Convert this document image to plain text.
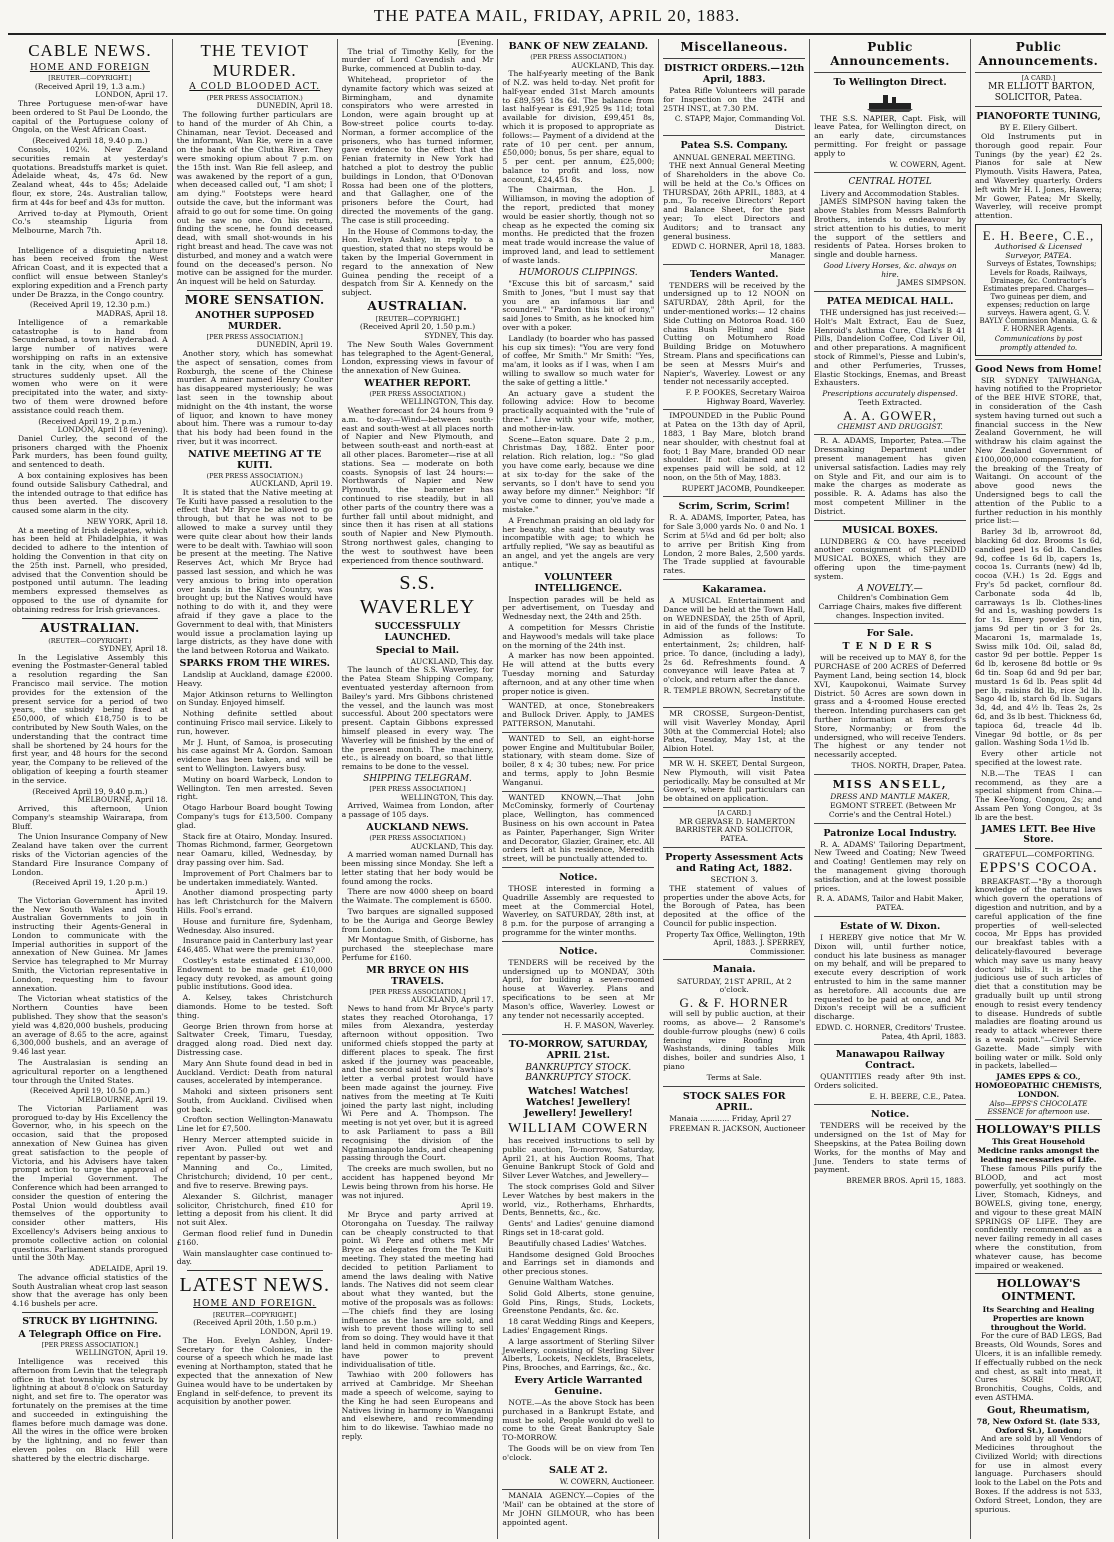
THE PATEA MAIL, FRIDAY, APRIL 20, 1883.
CABLE NEWS.
HOME AND FOREIGN
[REUTER—COPYRIGHT.]
(Received April 19, 1.3 a.m.)
LONDON, April 17.

Three Portuguese men-of-war have been ordered to St Paul De Loondo, the capital of the Portuguese colony of Ongola, on the West African Coast.

(Received April 18, 9.40 p.m.)

Consols, 102⅛. New Zealand securities remain at yesterday's quotations. Breadstuffs market is quiet. Adelaide wheat, 4s, 47s 6d. New Zealand wheat, 44s to 45s; Adelaide flour, ex store, 24s. Australian tallow, firm at 44s for beef and 43s for mutton.

Arrived to-day at Plymouth, Orient Co.'s steamship Liguria from Melbourne, March 7th.

April 18.

Intelligence of a disquieting nature has been received from the West African Coast, and it is expected that a conflict will ensue between Stanley's exploring expedition and a French party under De Brazza, in the Congo country.

(Received April 19, 12.30 p.m.)
MADRAS, April 18.

Intelligence of a remarkable catastrophe is to hand from Secunderabad, a town in Hyderabad. A large number of natives were worshipping on rafts in an extensive tank in the city, when one of the structures suddenly upset. All the women who were on it were precipitated into the water, and sixty-two of them were drowned before assistance could reach them.

(Received April 19, 2 p.m.)
LONDON, April 18 (evening).

Daniel Curley, the second of the prisoners charged with the Phoenix Park murders, has been found guilty, and sentenced to death.

A box containing explosives has been found outside Salisbury Cathedral, and the intended outrage to that edifice has thus been averted. The discovery caused some alarm in the city.

NEW YORK, April 18.

At a meeting of Irish delegates, which has been held at Philadelphia, it was decided to adhere to the intention of holding the Convention in that city on the 25th inst. Parnell, who presided, advised that the Convention should be postponed until autumn. The leading members expressed themselves as opposed to the use of dynamite for obtaining redress for Irish grievances.

AUSTRALIAN.
(REUTER—COPYRIGHT.)
SYDNEY, April 18.

In the Legislative Assembly this evening the Postmaster-General tabled a resolution regarding the San Francisco mail service. The motion provides for the extension of the present service for a period of two years, the subsidy being fixed at £50,000, of which £18,750 is to be contributed by New South Wales, on the understanding that the contract time shall be shortened by 24 hours for the first year, and 48 hours for the second year, the Company to be relieved of the obligation of keeping a fourth steamer in the service.

(Received April 19, 9.40 p.m.)
MELBOURNE, April 18.

Arrived, this afternoon, Union Company's steamship Wairarapa, from Bluff.

The Union Insurance Company of New Zealand have taken over the current risks of the Victorian agencies of the Standard Fire Insurance Company of London.

(Received April 19, 1.20 p.m.)
April 19.

The Victorian Government has invited the New South Wales and South Australian Governments to join in instructing their Agents-General in London to communicate with the Imperial authorities in support of the annexation of New Guinea. Mr James Service has telegraphed to Mr Murray Smith, the Victorian representative in London, requesting him to favour annexation.

The Victorian wheat statistics of the Northern Counties have been published. They show that the season's yield was 4,820,000 bushels, producing an average of 8.65 to the acre, against 6,300,000 bushels, and an average of 9.46 last year.

The Australasian is sending an agricultural reporter on a lengthened tour through the United States.

(Received April 19, 10.50 p.m.)
MELBOURNE, April 19.

The Victorian Parliament was prorogued to-day by His Excellency the Governor, who, in his speech on the occasion, said that the proposed annexation of New Guinea has given great satisfaction to the people of Victoria, and his Advisers have taken prompt action to urge the approval of the Imperial Government. The Conference which had been arranged to consider the question of entering the Postal Union would doubtless avail themselves of the opportunity to consider other matters, His Excellency's Advisers being anxious to promote collective action on colonial questions. Parliament stands prorogued until the 30th May.

ADELAIDE, April 19.

The advance official statistics of the South Australian wheat crop last season show that the average has only been 4.16 bushels per acre.

STRUCK BY LIGHTNING.
A Telegraph Office on Fire.
[PER PRESS ASSOCIATION.]
WELLINGTON, April 19.

Intelligence was received this afternoon from Levin that the telegraph office in that township was struck by lightning at about 8 o'clock on Saturday night, and set fire to. The operator was fortunately on the premises at the time and succeeded in extinguishing the flames before much damage was done. All the wires in the office were broken by the lightning, and no fewer than eleven poles on Black Hill were shattered by the electric discharge.

THE TEVIOT MURDER.
A COLD BLOODED ACT.
(PER PRESS ASSOCIATION.)
DUNEDIN, April 18.

The following further particulars are to hand of the murder of Ah Chin, a Chinaman, near Teviot. Deceased and the informant, Wan Rie, were in a cave on the bank of the Clutha River. They were smoking opium about 7 p.m. on the 15th inst. Wan Rie fell asleep, and was awakened by the report of a gun, when deceased called out, "I am shot; I am dying." Footsteps were heard outside the cave, but the informant was afraid to go out for some time. On going out he saw no one. On his return, finding the scene, he found deceased dead, with small shot-wounds in his right breast and head. The cave was not disturbed, and money and a watch were found on the deceased's person. No motive can be assigned for the murder. An inquest will be held on Saturday.

MORE SENSATION.
ANOTHER SUPPOSED MURDER.
[PER PRESS ASSOCIATION.]
DUNEDIN, April 19.

Another story, which has somewhat the aspect of sensation, comes from Roxburgh, the scene of the Chinese murder. A miner named Henry Coulter has disappeared mysteriously; he was last seen in the township about midnight on the 4th instant, the worse of liquor, and known to have money about him. There was a rumour to-day that his body had been found in the river, but it was incorrect.

NATIVE MEETING AT TE KUITI.
(PER PRESS ASSOCIATION.)
AUCKLAND, April 19.

It is stated that the Native meeting at Te Kuiti have passed a resolution to the effect that Mr Bryce be allowed to go through, but that he was not to be allowed to make a survey until they were quite clear about how their lands were to be dealt with. Tawhiao will soon be present at the meeting. The Native Reserves Act, which Mr Bryce had passed last session, and which he was very anxious to bring into operation over lands in the King Country, was brought up; but the Natives would have nothing to do with it, and they were afraid if they gave a place to the Government to deal with, that Ministers would issue a proclamation laying up large districts, as they have done with the land between Rotorua and Waikato.

SPARKS FROM THE WIRES.

Landslip at Auckland, damage £2000. Heavy.

Major Atkinson returns to Wellington on Sunday. Enjoyed himself.

Nothing definite settled about continuing Frisco mail service. Likely to run, however.

Mr J. Hunt, of Samoa, is prosecuting his case against Mr A. Gordon. Samoan evidence has been taken, and will be sent to Wellington. Lawyers busy.

Mutiny on board Warbeck, London to Wellington. Ten men arrested. Seven right.

Otago Harbour Board bought Towing Company's tugs for £13,500. Company glad.

Stack fire at Otairo, Monday. Insured. Thomas Richmond, farmer, Georgetown near Oamaru, killed, Wednesday, by dray passing over him. Sad.

Improvement of Port Chalmers bar to be undertaken immediately. Wanted.

Another diamond prospecting party has left Christchurch for the Malvern Hills. Fool's errand.

House and furniture fire, Sydenham, Wednesday. Also insured.

Insurance paid in Canterbury last year £46,485. What were the premiums?

Costley's estate estimated £130,000. Endowment to be made get £10,000 legacy duty revoked, as amount going public institutions. Good idea.

A. Kelsey, takes Christchurch diamonds. Home to be tested. Soft thing.

George Brien thrown from horse at Saltwater Creek, Timaru, Tuesday, dragged along road. Died next day. Distressing case.

Mary Ann Shute found dead in bed in Auckland. Verdict: Death from natural causes, accelerated by intemperance.

Mahoki and sixteen prisoners sent South, from Auckland. Civilised when got back.

Crofton section Wellington-Manawatu Line let for £7,500.

Henry Mercer attempted suicide in river Avon. Pulled out wet and repentant by passer-by.

Manning and Co., Limited, Christchurch; dividend, 10 per cent., and five to reserve. Brewing pays.

Alexander S. Gilchrist, manager solicitor, Christchurch, fined £10 for letting a deposit from his client. It did not suit Alex.

German flood relief fund in Dunedin £160.

Wain manslaughter case continued to-day.

LATEST NEWS.
HOME AND FOREIGN.
[REUTER—COPYRIGHT.]
(Received April 20th, 1.50 p.m.)
LONDON, April 19.

The Hon. Evelyn Ashley, Under-Secretary for the Colonies, in the course of a speech which he made last evening at Northampton, stated that he expected that the annexation of New Guinea would have to be undertaken by England in self-defence, to prevent its acquisition by another power.

[Evening.

The trial of Timothy Kelly, for the murder of Lord Cavendish and Mr Burke, commenced at Dublin to-day.

Whitehead, proprietor of the dynamite factory which was seized at Birmingham, and dynamite conspirators who were arrested in London, were again brought up at Bow-street police courts to-day. Norman, a former accomplice of the prisoners, who has turned informer, gave evidence to the effect that the Fenian fraternity in New York had hatched a plot to destroy the public buildings in London, that O'Donovan Rossa had been one of the plotters, and that Gallagher, one of the prisoners before the Court, had directed the movements of the gang. The case is still proceeding.

In the House of Commons to-day, the Hon. Evelyn Ashley, in reply to a question, stated that no steps would be taken by the Imperial Government in regard to the annexation of New Guinea pending the receipt of a despatch from Sir A. Kennedy on the subject.

AUSTRALIAN.
[REUTER—COPYRIGHT.]
(Received April 20, 1.50 p.m.)
SYDNEY, This day.

The New South Wales Government has telegraphed to the Agent-General, London, expressing views in favour of the annexation of New Guinea.

WEATHER REPORT.
(PER PRESS ASSOCIATION.)
WELLINGTON, This day.

Weather forecast for 24 hours from 9 a.m. to-day:—Wind—between south-east and south-west at all places north of Napier and New Plymouth, and between south-east and north-east at all other places. Barometer—rise at all stations. Sea — moderate on both coasts. Synopsis of last 24 hours:—Northwards of Napier and New Plymouth, the barometer has continued to rise steadily, but in all other parts of the country there was a further fall until about midnight, and since then it has risen at all stations south of Napier and New Plymouth. Strong northwest gales, changing to the west to southwest have been experienced from thence southward.

S.S. WAVERLEY
SUCCESSFULLY LAUNCHED.
Special to Mail.
AUCKLAND, This day.

The launch of the S.S. Waverley, for the Patea Steam Shipping Company, eventuated yesterday afternoon from Bailey's yard. Mrs Gibbons christened the vessel, and the launch was most successful. About 200 spectators were present. Captain Gibbons expressed himself pleased in every way. The Waverley will be finished by the end of the present month. The machinery, etc., is already on board, so that little remains to be done to the vessel.

SHIPPING TELEGRAM.
[PER PRESS ASSOCIATION.]
WELLINGTON, This day.

Arrived, Waimea from London, after a passage of 105 days.

AUCKLAND NEWS.
(PER PRESS ASSOCIATION.)
AUCKLAND, This day.

A married woman named Durnall has been missing since Monday. She left a letter stating that her body would be found among the rocks.

There are now 4000 sheep on board the Waimate. The complement is 6500.

Two barques are signalled supposed to be the Auriga and George Bewley from London.

Mr Montague Smith, of Gisborne, has purchased the steeplechase mare Perfume for £160.

MR BRYCE ON HIS TRAVELS.
[PER PRESS ASSOCIATION.]
AUCKLAND, April 17.

News to hand from Mr Bryce's party states they reached Otorohanga, 17 miles from Alexandra, yesterday afternoon without opposition. Two uniformed chiefs stopped the party at different places to speak. The first asked if the journey was peaceable, and the second said but for Tawhiao's letter a verbal protest would have been made against the journey. Five natives from the meeting at Te Kuiti joined the party last night, including Wi Pere and A. Thompson. The meeting is not yet over, but it is agreed to ask Parliament to pass a Bill recognising the division of the Ngatimaniapoto lands, and cheapening passing through the Court.

The creeks are much swollen, but no accident has happened beyond Mr Lewis being thrown from his horse. He was not injured.

April 19.

Mr Bryce and party arrived at Otorongaha on Tuesday. The railway can be cheaply constructed to that point. Wi Pere and others met Mr Bryce as delegates from the Te Kuiti meeting. They stated the meeting had decided to petition Parliament to amend the laws dealing with Native lands. The Natives did not seem clear about what they wanted, but the motive of the proposals was as follows:—The chiefs find they are losing influence as the lands are sold, and wish to prevent those willing to sell from so doing. They would have it that land held in common majority should have power to prevent individualisation of title.

Tawhiao with 200 followers has arrived at Cambridge. Mr Sheehan made a speech of welcome, saying to the King he had seen Europeans and Natives living in harmony in Wanganui and elsewhere, and recommending him to do likewise. Tawhiao made no reply.

BANK OF NEW ZEALAND.
(PER PRESS ASSOCIATION.)
AUCKLAND, This day.

The half-yearly meeting of the Bank of N.Z. was held to-day. Net profit for half-year ended 31st March amounts to £89,595 18s 6d. The balance from last half-year is £91,925 9s 11d; total available for division, £99,451 8s, which it is proposed to appropriate as follows:— Payment of a dividend at the rate of 10 per cent. per annum, £50,000; bonus, 5s per share, equal to 5 per cent. per annum, £25,000; balance to profit and loss, now account, £24,451 8s.

The Chairman, the Hon. J. Williamson, in moving the adoption of the report, predicted that money would be easier shortly, though not so cheap as he expected the coming six months. He predicted that the frozen meat trade would increase the value of improved land, and lead to settlement of waste lands.

HUMOROUS CLIPPINGS.

"Excuse this bit of sarcasm," said Smith to Jones, "but I must say that you are an infamous liar and scoundrel." "Pardon this bit of irony," said Jones to Smith, as he knocked him over with a poker.

Landlady (to boarder who has passed his cup six times): "You are very fond of coffee, Mr Smith." Mr Smith: "Yes, ma'am, it looks as if I was, when I am willing to swallow so much water for the sake of getting a little."

An actuary gave a student the following advice: How to become practically acquainted with the "rule of three." Live with your wife, mother, and mother-in-law.

Scene—Eaton square. Date 2 p.m., Christmas Day, 1882. Enter poor relation. Rich relation, log.: "So glad you have come early, because we dine at six to-day for the sake of the servants, so I don't have to send you away before my dinner." Neighbor: "If you've come to dinner, you've made a mistake."

A Frenchman praising an old lady for her beauty, she said that beauty was incompatible with age; to which he artfully replied, "We say as beautiful as an angel, and yet the angels are very antique."

VOLUNTEER INTELLIGENCE.

Inspection parades will be held as per advertisement, on Tuesday and Wednesday next, the 24th and 25th.

A competition for Messrs Christie and Haywood's medals will take place on the morning of the 24th inst.

A marker has now been appointed. He will attend at the butts every Tuesday morning and Saturday afternoon, and at any other time when proper notice is given.

WANTED, at once, Stonebreakers and Bullock Driver. Apply, to JAMES PATTERSON, Manutahi.

WANTED to Sell, an eight-horse power Engine and Multitubular Boiler, stationary, with steam dome. Size of boiler, 8 x 4; 30 tubes; new. For price and terms, apply to John Besmie Wanganui.

WANTED KNOWN,—That John McCominsky, formerly of Courtenay place, Wellington, has commenced Business on his own account in Patea as Painter, Paperhanger, Sign Writer and Decorator, Glazier, Grainer, etc. All orders left at his residence, Meredith street, will be punctually attended to.

Notice.

THOSE interested in forming a Quadrille Assembly are requested to meet at the Commercial Hotel, Waverley, on SATURDAY, 28th inst, at 8 p.m. for the purpose of arranging a programme for the winter months.

Notice.

TENDERS will be received by the undersigned up to MONDAY, 30th April, for building a seven-roomed house at Waverley. Plans and specifications to be seen at Mr Mason's office, Waverley. Lowest or any tender not necessarily accepted.

H. F. MASON, Waverley.
TO-MORROW, SATURDAY, APRIL 21st.
BANKRUPTCY STOCK. BANKRUPTCY STOCK.
Watches! Watches! Watches! Jewellery! Jewellery! Jewellery!
WILLIAM COWERN

has received instructions to sell by public auction, To-morrow, Saturday, April 21, at his Auction Rooms, That Genuine Bankrupt Stock of Gold and Silver Lever Watches, and Jewellery—

The stock comprises Gold and Silver Lever Watches by best makers in the world, viz., Rotherhams, Ehrhardts, Dents, Bennetts, &c., &c.

Gents' and Ladies' genuine diamond Rings set in 18-carat gold.

Beautifully chased Ladies' Watches.

Handsome designed Gold Brooches and Earrings set in diamonds and other precious stones.

Genuine Waltham Watches.

Solid Gold Alberts, stone genuine, Gold Pins, Rings, Studs, Lockets, Greenstone Pendants, &c. &c.

18 carat Wedding Rings and Keepers, Ladies' Engagement Rings.

A large assortment of Sterling Silver Jewellery, consisting of Sterling Silver Alberts, Lockets, Necklets, Bracelets, Pins, Brooches, and Earrings, &c., &c.

Every Article Warranted Genuine.

NOTE.—As the above Stock has been purchased in a Bankrupt Estate, and must be sold, People would do well to come to the Great Bankruptcy Sale TO-MORROW.

The Goods will be on view from Ten o'clock.

SALE AT 2.
W. COWERN, Auctioneer.

MANAIA AGENCY.—Copies of the 'Mail' can be obtained at the store of Mr JOHN GILMOUR, who has been appointed agent.

Miscellaneous.
DISTRICT ORDERS.—12th April, 1883.

Patea Rifle Volunteers will parade for Inspection on the 24TH and 25TH INST., at 7.30 P.M.

C. STAPP, Major, Commanding Vol. District.
Patea S.S. Company.
ANNUAL GENERAL MEETING.

THE next Annual General Meeting of Shareholders in the above Co. will be held at the Co.'s Offices on THURSDAY, 26th APRIL, 1883, at 4 p.m., To receive Directors' Report and Balance Sheet, for the past year; To elect Directors and Auditors; and to transact any general business.

EDWD C. HORNER, April 18, 1883. Manager.
Tenders Wanted.

TENDERS will be received by the undersigned up to 12 NOON on SATURDAY, 28th April, for the under-mentioned works:— 12 chains Side Cutting on Motoroa Road. 160 chains Bush Felling and Side Cutting on Motumhero Road Building Bridge on Motuwhero Stream. Plans and specifications can be seen at Messrs Muir's and Napier's, Waverley. Lowest or any tender not necessarily accepted.

F. P. FOOKES, Secretary Wairoa Highway Board, Waverley.

IMPOUNDED in the Public Pound at Patea on the 13th day of April, 1883, 1 Bay Mare, blotch brand near shoulder, with chestnut foal at foot; 1 Bay Mare, branded OD near shoulder. If not claimed and all expenses paid will be sold, at 12 noon, on the 5th of May, 1883.

RUPERT JACOMB, Poundkeeper.
Scrim, Scrim, Scrim!

R. A. ADAMS, Importer, Patea, has for Sale 3,000 yards No. 0 and No. 1 Scrim at 5¼d and 6d per bolt; also to arrive per British King from London, 2 more Bales, 2,500 yards. The Trade supplied at favourable rates.

Kakaramea.

A MUSICAL Entertainment and Dance will be held at the Town Hall, on WEDNESDAY, the 25th of April, in aid of the funds of the Institute. Admission as follows: To entertainment, 2s; children, half-price. To dance, (including a lady), 2s 6d. Refreshments found. A conveyance will leave Patea at 7 o'clock, and return after the dance.

R. TEMPLE BROWN, Secretary of the Institute.

MR CROSSE, Surgeon-Dentist, will visit Waverley Monday, April 30th at the Commercial Hotel; also Patea, Tuesday, May 1st, at the Albion Hotel.

MR W. H. SKEET, Dental Surgeon, New Plymouth, will visit Patea periodically. May be consulted at Mr Gower's, where full particulars can be obtained on application.

[A CARD.]

MR GERVASE D. HAMERTON BARRISTER AND SOLICITOR, PATEA.

Property Assessment Acts and Rating Act, 1882.
SECTION 3.

THE statement of values of properties under the above Acts, for the Borough of Patea, has been deposited at the office of the Council for public inspection.

Property Tax Office, Wellington, 19th April, 1883. J. SPERREY, Commissioner.
Manaia.
SATURDAY, 21ST APRIL, At 2 o'clock.
G. & F. HORNER

will sell by public auction, at their rooms, as above— 2 Ransome's double-furrow ploughs (new) 6 coils fencing wire Roofing iron Washstands, dining tables Milk dishes, boiler and sundries Also, 1 piano

Terms at Sale.
STOCK SALES FOR APRIL.

Manaia ............ Friday, April 27

FREEMAN R. JACKSON, Auctioneer
Public Announcements.
To Wellington Direct.

THE S.S. NAPIER, Capt. Fisk, will leave Patea, for Wellington direct, on an early date, circumstances permitting. For freight or passage apply to

W. COWERN, Agent.
CENTRAL HOTEL
Livery and Accommodation Stables.

JAMES SIMPSON having taken the above Stables from Messrs Balmforth Brothers, intends to endeavour by strict attention to his duties, to merit the support of the settlers and residents of Patea. Horses broken to single and double harness.

Good Livery Horses, &c. always on hire.
JAMES SIMPSON.
PATEA MEDICAL HALL.

THE undersigned has just received:— Holt's Malt Extract, Eau de Suez, Henroid's Asthma Cure, Clark's B 41 Pills, Dandelion Coffee, Cod Liver Oil, and other preparations. A magnificent stock of Rimmel's, Piesse and Lubin's, and other Perfumeries, Trusses, Elastic Stockings, Enemas, and Breast Exhausters.

Prescriptions accurately dispensed.
Teeth Extracted.
A. A. GOWER,
CHEMIST AND DRUGGIST.

R. A. ADAMS, Importer, Patea.—The Dressmaking Department under present management has given universal satisfaction. Ladies may rely on Style and Fit, and our aim is to make the charges as moderate as possible. R. A. Adams has also the most competent Milliner in the District.

MUSICAL BOXES.

LUNDBERG & CO. have received another consignment of SPLENDID MUSICAL BOXES, which they are offering upon the time-payment system.

A NOVELTY.—

Children's Combination Gem Carriage Chairs, makes five different changes. Inspection invited.

For Sale.
TENDERS

will be received up to MAY 8, for the PURCHASE of 200 ACRES of Deferred Payment Land, being section 14, block XVI, Kaupokonui, Waimate Survey District. 50 Acres are sown down in grass and a 4-roomed House erected thereon. Intending purchasers can get further information at Beresford's Store, Normanby; or from the undersigned, who will receive Tenders. The highest or any tender not necessarily accepted.

THOS. NORTH, Draper, Patea.
MISS ANSELL,
DRESS AND MANTLE MAKER,

EGMONT STREET. (Between Mr Corrie's and the Central Hotel.)

Patronize Local Industry.

R. A. ADAMS' Tailoring Department, New Tweed and Coating; New Tweed and Coating! Gentlemen may rely on the management giving thorough satisfaction, and at the lowest possible prices.

R. A. ADAMS, Tailor and Habit Maker, PATEA.
Estate of W. Dixon.

I HEREBY give notice that Mr W. Dixon will, until further notice, conduct his late business as manager on my behalf, and will be prepared to execute every description of work entrusted to him in the same manner as heretofore. All accounts due are requested to be paid at once, and Mr Dixon's receipt will be a sufficient discharge.

EDWD. C. HORNER, Creditors' Trustee. Patea, 4th April, 1883.
Manawapou Railway Contract.

QUANTITIES ready after 9th inst. Orders solicited.

E. H. BEERE, C.E., Patea.
Notice.

TENDERS will be received by the undersigned on the 1st of May for Sheepskins, at the Patea Boiling down Works, for the months of May and June. Tenders to state terms of payment.

BREMER BROS. April 15, 1883.
Public Announcements.
[A CARD.]

MR ELLIOTT BARTON, SOLICITOR, Patea.

PIANOFORTE TUNING,
BY E. Ellery Gilbert.

Old Instruments put in thorough good repair. Four Tunings (by the year) £2 2s. Pianos for sale at New Plymouth. Visits Hawera, Patea, and Waverley quarterly. Orders left with Mr H. I. Jones, Hawera; Mr Gower, Patea; Mr Skelly, Waverley, will receive prompt attention.

E. H. Beere, C.E.,
Authorised & Licensed Surveyor, PATEA.

Surveys of Estates, Townships; Levels for Roads, Railways, Drainage, &c. Contractor's Estimates prepared. Charges—Two guineas per diem, and expenses; reduction on large surveys. Hawera agent, G. V. BAYLY Commission Manaia, G. & F. HORNER Agents.

Communications by post promptly attended to.
Good News from Home!

SIR SYDNEY TAIWHANGA, having notified to the Proprietor of the BEE HIVE STORE, that, in consideration of the Cash system having turned out such a financial success in the New Zealand Government, he will withdraw his claim against the New Zealand Government of £100,000,000 compensation, for the breaking of the Treaty of Waitangi. On account of the above good news the Undersigned begs to call the attention of the Public to a further reduction in his monthly price list:—

Barley 3d lb, arrowroot 8d, blacking 6d doz. Brooms 1s 6d, candied peel 1s 6d lb. Candles 9d, coffee 1s 6d lb, capers 1s, cocoa 1s. Currants (new) 4d lb, cocoa (V.H.) 1s 2d. Eggs and Fry's 5d packet, cornflour 8d. Carbonate soda 4d lb, carraways 1s lb. Clothes-lines 9d and 1s, washing powders 1s for 1s. Emery powder 9d tin, jams 9d per tin or 3 for 2s. Macaroni 1s, marmalade 1s, Swiss milk 10d. Oil, salad 8d, castor 9d per bottle. Pepper 1s 6d lb, kerosene 8d bottle or 9s 6d tin. Soap 6d and 9d per bar, mustard 1s 6d lb. Peas split 4d per lb, raisins 8d lb, rice 3d lb. Sago 4d lb, starch 6d lb. Sugars 3d, 4d, and 4½ lb. Teas 2s, 2s 6d, and 3s lb best. Thickness 6d, tapioca 6d, treacle 4d lb. Vinegar 9d bottle, or 8s per gallon. Washing Soda 1½d lb.

Every other article not specified at the lowest rate.

N.B.—The TEAS I can recommend, as they are a special shipment from China.—The Kee-Yong, Congou, 2s; and Assam Pen Yong Congou, at 3s lb are the best.

JAMES LETT. Bee Hive Store.
GRATEFUL—COMFORTING.
EPPS'S COCOA.

BREAKFAST.—"By a thorough knowledge of the natural laws which govern the operations of digestion and nutrition, and by a careful application of the fine properties of well-selected cocoa, Mr Epps has provided our breakfast tables with a delicately-flavoured beverage which may save us many heavy doctors' bills. It is by the judicious use of such articles of diet that a constitution may be gradually built up until strong enough to resist every tendency to disease. Hundreds of subtle maladies are floating around us ready to attack wherever there is a weak point."—Civil Service Gazette. Made simply with boiling water or milk. Sold only in packets, labelled—

JAMES EPPS & CO., HOMOEOPATHIC CHEMISTS, LONDON.
Also—EPPS'S CHOCOLATE ESSENCE for afternoon use.
HOLLOWAY'S PILLS
This Great Household Medicine ranks amongst the leading necessaries of Life.

These famous Pills purify the BLOOD, and act most powerfully, yet soothingly on the Liver, Stomach, Kidneys, and BOWELS, giving tone, energy, and vigour to these great MAIN SPRINGS OF LIFE. They are confidently recommended as a never failing remedy in all cases where the constitution, from whatever cause, has become impaired or weakened.

HOLLOWAY'S OINTMENT.
Its Searching and Healing Properties are known throughout the World.

For the cure of BAD LEGS, Bad Breasts, Old Wounds, Sores and Ulcers, it is an infallible remedy. If effectually rubbed on the neck and chest, as salt into meat, it Cures SORE THROAT, Bronchitis, Coughs, Colds, and even ASTHMA.

Gout, Rheumatism,
78, New Oxford St. (late 533, Oxford St.), London;

And are sold by all Vendors of Medicines throughout the Civilized World; with directions for use in almost every language. Purchasers should look to the Label on the Pots and Boxes. If the address is not 533, Oxford Street, London, they are spurious.
